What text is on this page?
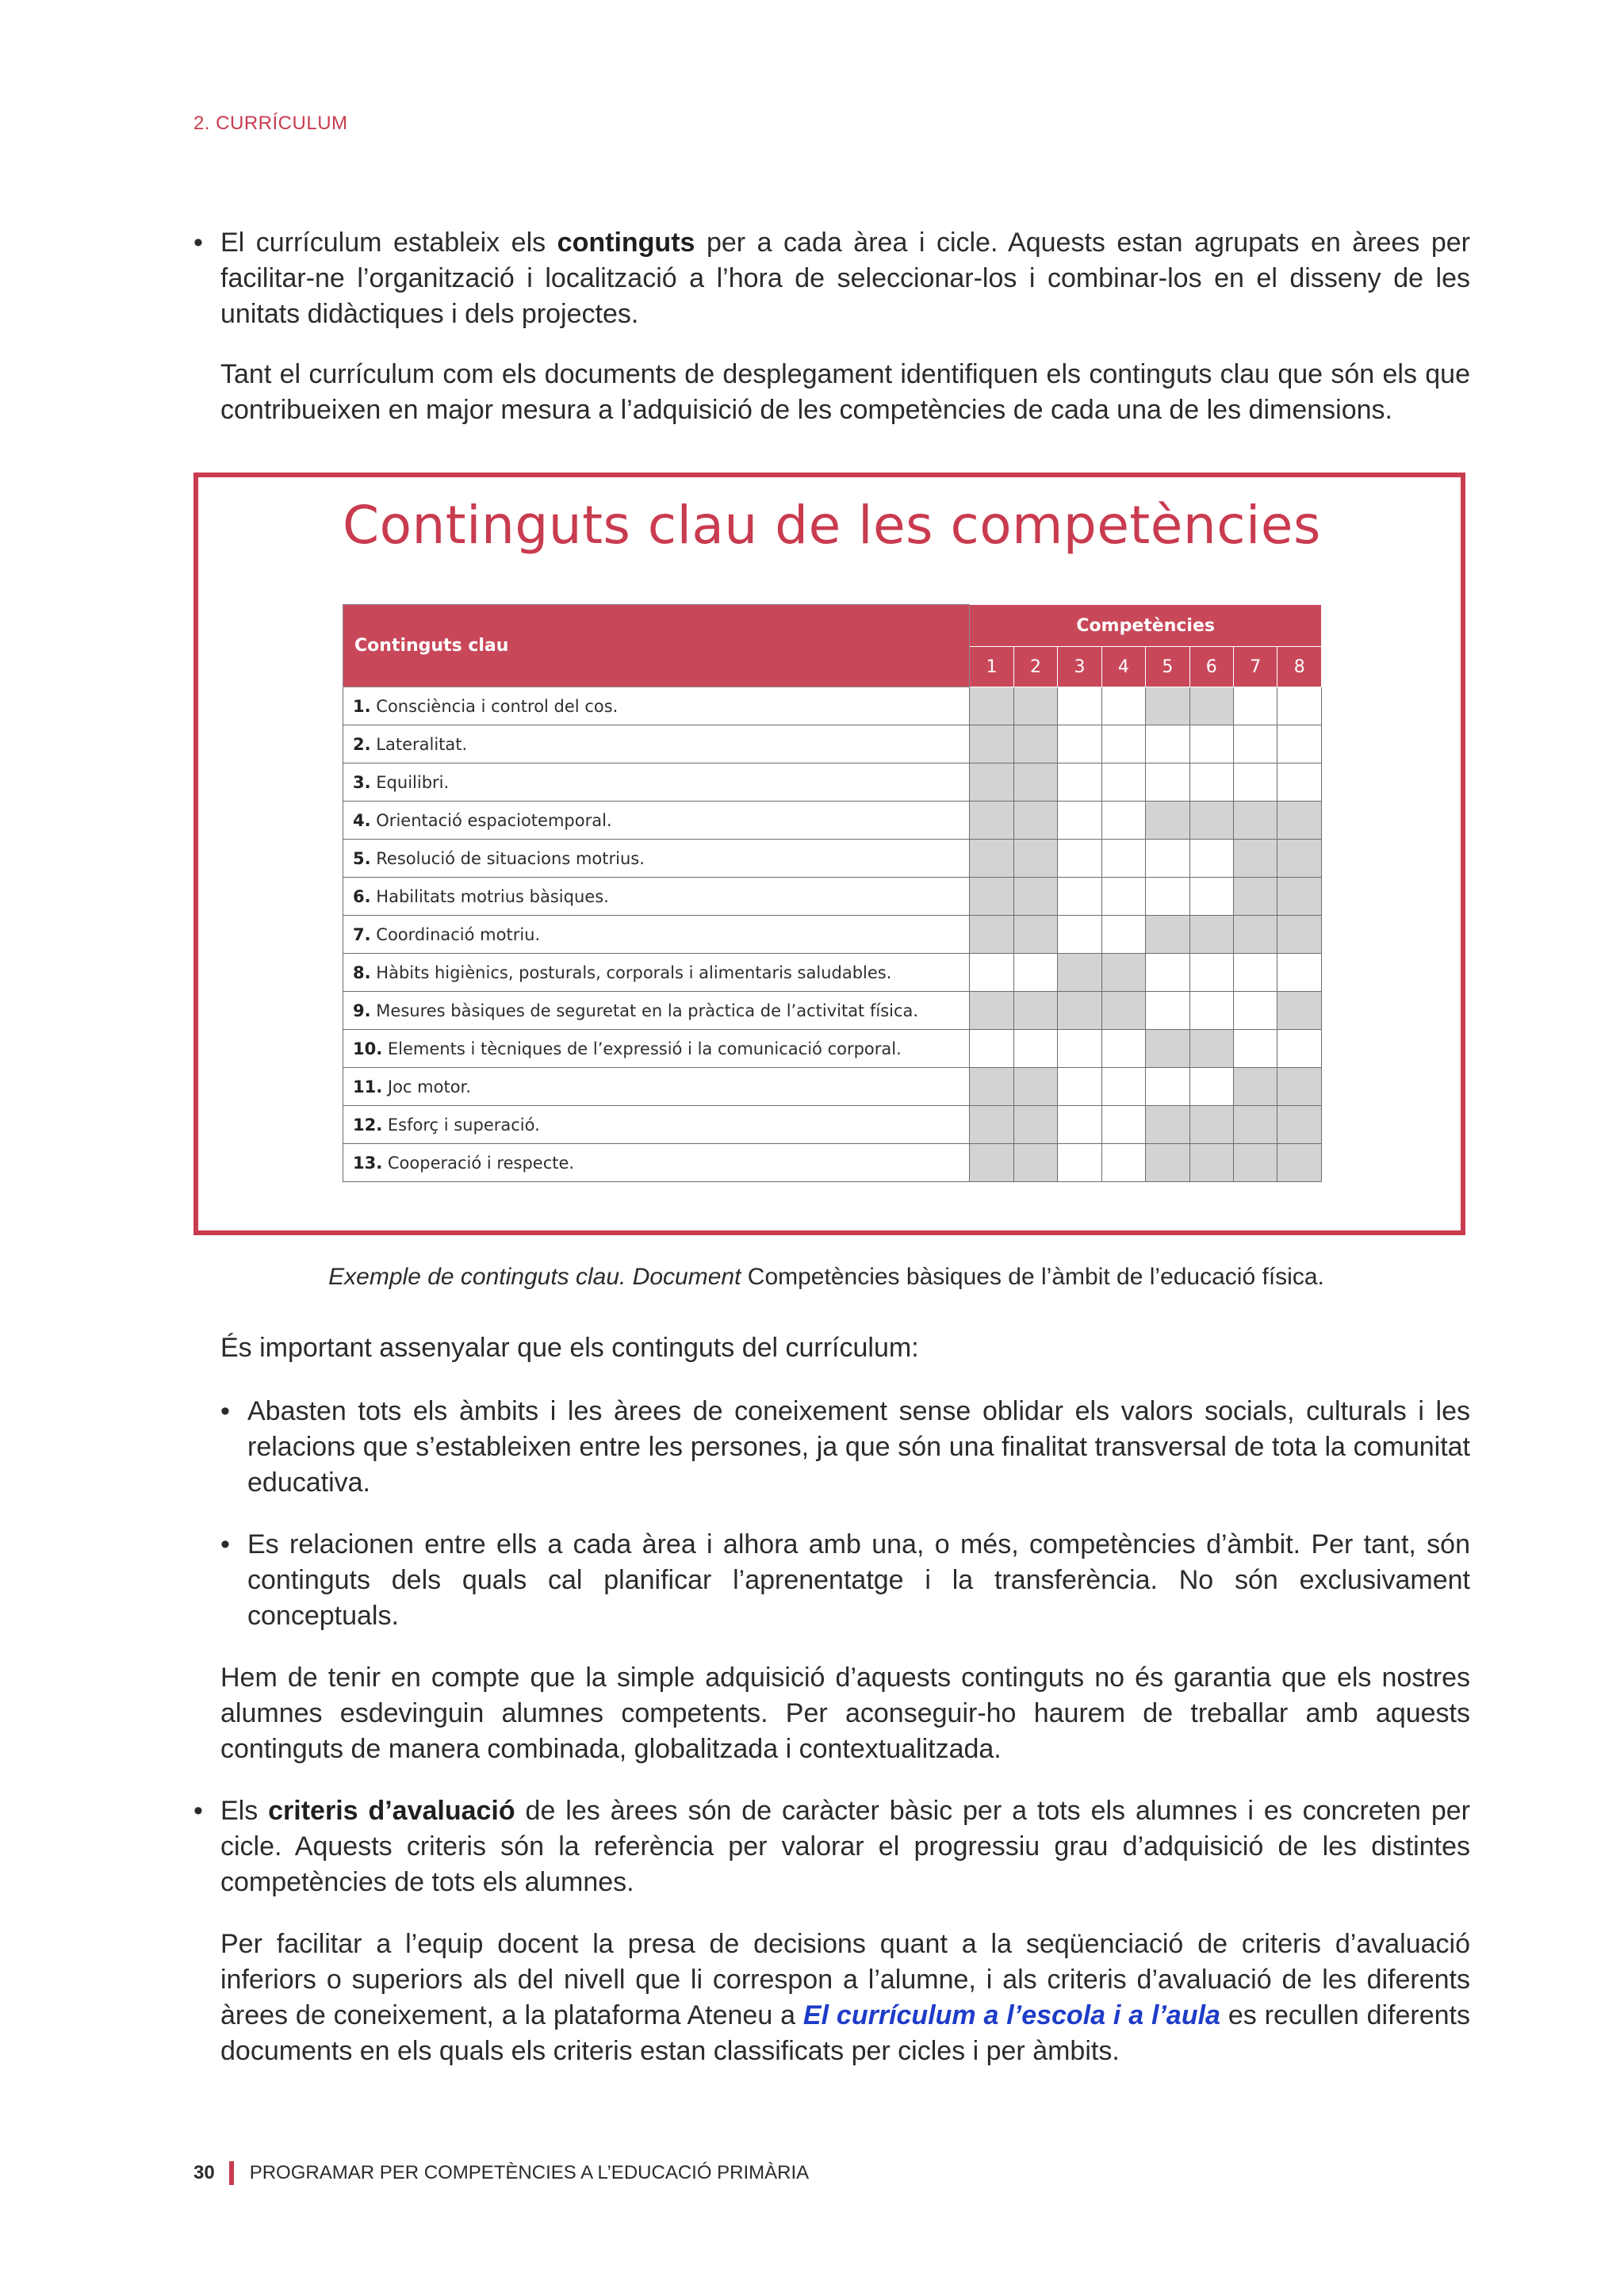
2. CURRÍCULUM
• El currículum estableix els continguts per a cada àrea i cicle. Aquests estan agrupats en àrees per facilitar-ne l’organització i localització a l’hora de seleccionar-los i combinar-los en el disseny de les unitats didàctiques i dels projectes.
Tant el currículum com els documents de desplegament identifiquen els continguts clau que són els que contribueixen en major mesura a l’adquisició de les competències de cada una de les dimensions.
Continguts clau de les competències
Continguts clau	Competències							
	1	2	3	4	5	6	7	8
1. Consciència i control del cos.								
2. Lateralitat.								
3. Equilibri.								
4. Orientació espaciotemporal.								
5. Resolució de situacions motrius.								
6. Habilitats motrius bàsiques.								
7. Coordinació motriu.								
8. Hàbits higiènics, posturals, corporals i alimentaris saludables.								
9. Mesures bàsiques de seguretat en la pràctica de l’activitat física.								
10. Elements i tècniques de l’expressió i la comunicació corporal.								
11. Joc motor.								
12. Esforç i superació.								
13. Cooperació i respecte.								
Exemple de continguts clau. Document Competències bàsiques de l’àmbit de l’educació física.
És important assenyalar que els continguts del currículum:
• Abasten tots els àmbits i les àrees de coneixement sense oblidar els valors socials, culturals i les relacions que s’estableixen entre les persones, ja que són una finalitat transversal de tota la comunitat educativa.
• Es relacionen entre ells a cada àrea i alhora amb una, o més, competències d’àmbit. Per tant, són continguts dels quals cal planificar l’aprenentatge i la transferència. No són exclusivament conceptuals.
Hem de tenir en compte que la simple adquisició d’aquests continguts no és garantia que els nostres alumnes esdevinguin alumnes competents. Per aconseguir-ho haurem de treballar amb aquests continguts de manera combinada, globalitzada i contextualitzada.
• Els criteris d’avaluació de les àrees són de caràcter bàsic per a tots els alumnes i es concreten per cicle. Aquests criteris són la referència per valorar el progressiu grau d’adquisició de les distintes competències de tots els alumnes.
Per facilitar a l’equip docent la presa de decisions quant a la seqüenciació de criteris d’avaluació inferiors o superiors als del nivell que li correspon a l’alumne, i als criteris d’avaluació de les diferents àrees de coneixement, a la plataforma Ateneu a El currículum a l’escola i a l’aula es recullen diferents documents en els quals els criteris estan classificats per cicles i per àmbits.
30 PROGRAMAR PER COMPETÈNCIES A L’EDUCACIÓ PRIMÀRIA
